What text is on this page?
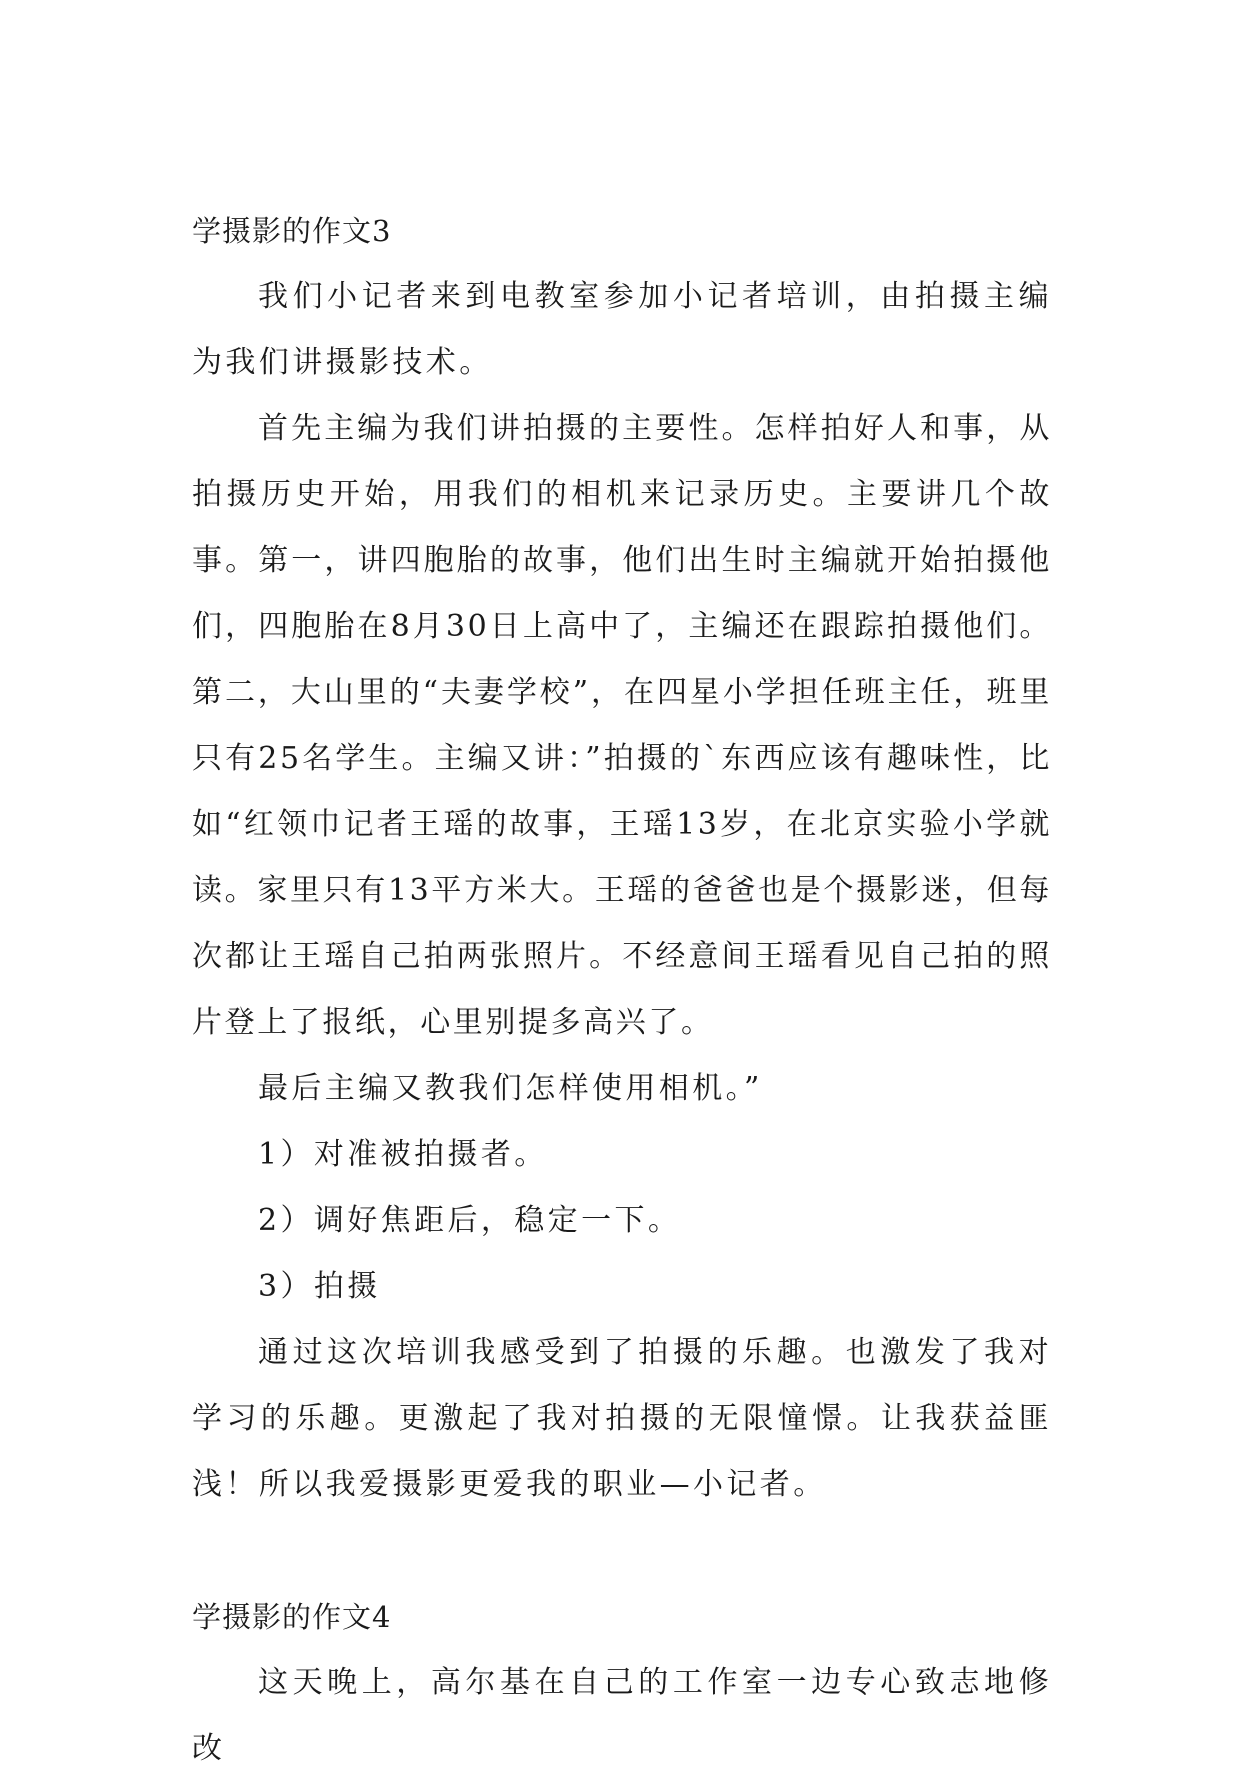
学摄影的作文3

我们小记者来到电教室参加小记者培训，由拍摄主编为我们讲摄影技术。

首先主编为我们讲拍摄的主要性。怎样拍好人和事，从拍摄历史开始，用我们的相机来记录历史。主要讲几个故事。第一，讲四胞胎的故事，他们出生时主编就开始拍摄他们，四胞胎在8月30日上高中了，主编还在跟踪拍摄他们。第二，大山里的“夫妻学校”，在四星小学担任班主任，班里只有25名学生。主编又讲：”拍摄的`东西应该有趣味性，比如“红领巾记者王瑶的故事，王瑶13岁，在北京实验小学就读。家里只有13平方米大。王瑶的爸爸也是个摄影迷，但每次都让王瑶自己拍两张照片。不经意间王瑶看见自己拍的照片登上了报纸，心里别提多高兴了。

最后主编又教我们怎样使用相机。”

1）对准被拍摄者。

2）调好焦距后，稳定一下。

3）拍摄

通过这次培训我感受到了拍摄的乐趣。也激发了我对学习的乐趣。更激起了我对拍摄的无限憧憬。让我获益匪浅！所以我爱摄影更爱我的职业—小记者。

学摄影的作文4

这天晚上，高尔基在自己的工作室一边专心致志地修改
